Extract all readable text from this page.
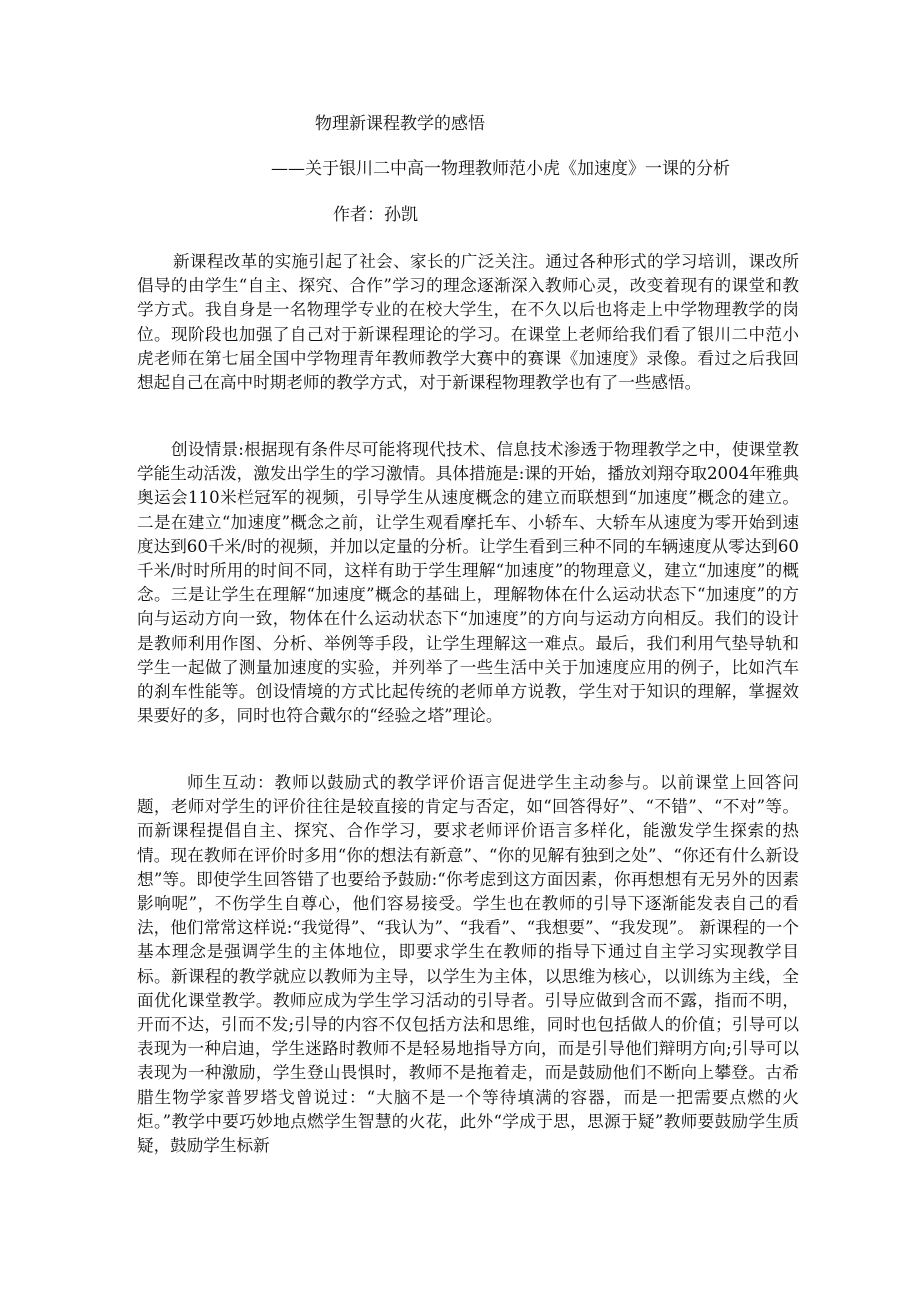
物理新课程教学的感悟
——关于银川二中高一物理教师范小虎《加速度》一课的分析
作者：孙凯

新课程改革的实施引起了社会、家长的广泛关注。通过各种形式的学习培训，课改所倡导的由学生“自主、探究、合作”学习的理念逐渐深入教师心灵，改变着现有的课堂和教学方式。我自身是一名物理学专业的在校大学生，在不久以后也将走上中学物理教学的岗位。现阶段也加强了自己对于新课程理论的学习。在课堂上老师给我们看了银川二中范小虎老师在第七届全国中学物理青年教师教学大赛中的赛课《加速度》录像。看过之后我回想起自己在高中时期老师的教学方式，对于新课程物理教学也有了一些感悟。

创设情景:根据现有条件尽可能将现代技术、信息技术渗透于物理教学之中，使课堂教学能生动活泼，激发出学生的学习激情。具体措施是:课的开始，播放刘翔夺取2004年雅典奥运会110米栏冠军的视频，引导学生从速度概念的建立而联想到“加速度”概念的建立。二是在建立“加速度”概念之前，让学生观看摩托车、小轿车、大轿车从速度为零开始到速度达到60千米/时的视频，并加以定量的分析。让学生看到三种不同的车辆速度从零达到60千米/时时所用的时间不同，这样有助于学生理解“加速度”的物理意义，建立“加速度”的概念。三是让学生在理解“加速度”概念的基础上，理解物体在什么运动状态下“加速度”的方向与运动方向一致，物体在什么运动状态下“加速度”的方向与运动方向相反。我们的设计是教师利用作图、分析、举例等手段，让学生理解这一难点。最后，我们利用气垫导轨和学生一起做了测量加速度的实验，并列举了一些生活中关于加速度应用的例子，比如汽车的刹车性能等。创设情境的方式比起传统的老师单方说教，学生对于知识的理解，掌握效果要好的多，同时也符合戴尔的“经验之塔”理论。

师生互动：教师以鼓励式的教学评价语言促进学生主动参与。以前课堂上回答问题，老师对学生的评价往往是较直接的肯定与否定，如“回答得好”、“不错”、“不对”等。而新课程提倡自主、探究、合作学习，要求老师评价语言多样化，能激发学生探索的热情。现在教师在评价时多用“你的想法有新意”、“你的见解有独到之处”、“你还有什么新设想”等。即使学生回答错了也要给予鼓励:“你考虑到这方面因素，你再想想有无另外的因素影响呢”，不伤学生自尊心，他们容易接受。学生也在教师的引导下逐渐能发表自己的看法，他们常常这样说:“我觉得”、“我认为”、“我看”、“我想要”、“我发现”。 新课程的一个基本理念是强调学生的主体地位，即要求学生在教师的指导下通过自主学习实现教学目标。新课程的教学就应以教师为主导，以学生为主体，以思维为核心，以训练为主线，全面优化课堂教学。教师应成为学生学习活动的引导者。引导应做到含而不露，指而不明，开而不达，引而不发;引导的内容不仅包括方法和思维，同时也包括做人的价值；引导可以表现为一种启迪，学生迷路时教师不是轻易地指导方向，而是引导他们辩明方向;引导可以表现为一种激励，学生登山畏惧时，教师不是拖着走，而是鼓励他们不断向上攀登。古希腊生物学家普罗塔戈曾说过：“大脑不是一个等待填满的容器，而是一把需要点燃的火炬。”教学中要巧妙地点燃学生智慧的火花，此外“学成于思，思源于疑”教师要鼓励学生质疑，鼓励学生标新
